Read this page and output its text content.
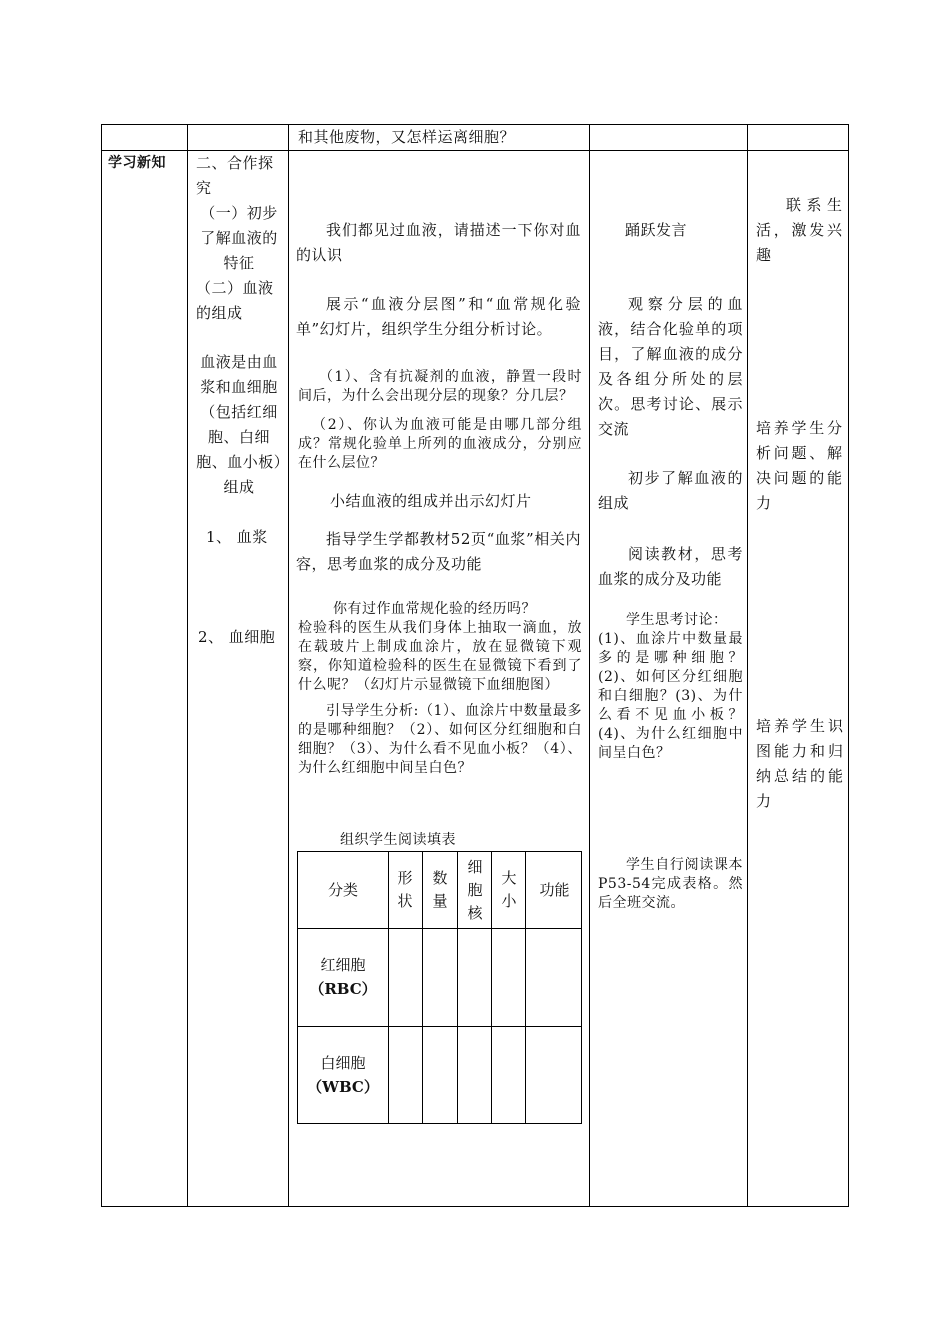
和其他废物，又怎样运离细胞？
学习新知	二、合作探究
（一）初步了解血液的特征
（二）血液的组成
血液是由血浆和血细胞（包括红细胞、白细胞、血小板）组成
1、 血浆
2、 血细胞
我们都见过血液，请描述一下你对血的认识
展示“血液分层图”和“血常规化验单”幻灯片，组织学生分组分析讨论。
（1）、含有抗凝剂的血液，静置一段时间后，为什么会出现分层的现象？分几层？
（2）、你认为血液可能是由哪几部分组成？常规化验单上所列的血液成分，分别应在什么层位？
小结血液的组成并出示幻灯片
指导学生学都教材52页“血浆”相关内容，思考血浆的成分及功能
你有过作血常规化验的经历吗？
检验科的医生从我们身体上抽取一滴血，放在载玻片上制成血涂片，放在显微镜下观察，你知道检验科的医生在显微镜下看到了什么呢？（幻灯片示显微镜下血细胞图）
引导学生分析:（1）、血涂片中数量最多的是哪种细胞？（2）、如何区分红细胞和白细胞？（3）、为什么看不见血小板？（4）、为什么红细胞中间呈白色？
组织学生阅读填表
分类
形状
数量
细胞核
大小
功能
红细胞
（RBC）
白细胞
（WBC）
踊跃发言
观察分层的血液，结合化验单的项目，了解血液的成分及各组分所处的层次。思考讨论、展示交流
初步了解血液的组成
阅读教材，思考血浆的成分及功能
学生思考讨论：
(1)、血涂片中数量最多的是哪种细胞？(2)、如何区分红细胞和白细胞？(3)、为什么看不见血小板？(4)、为什么红细胞中间呈白色？
学生自行阅读课本P53-54完成表格。然后全班交流。
联系生活，激发兴趣
培养学生分析问题、解决问题的能力
培养学生识图能力和归纳总结的能力
